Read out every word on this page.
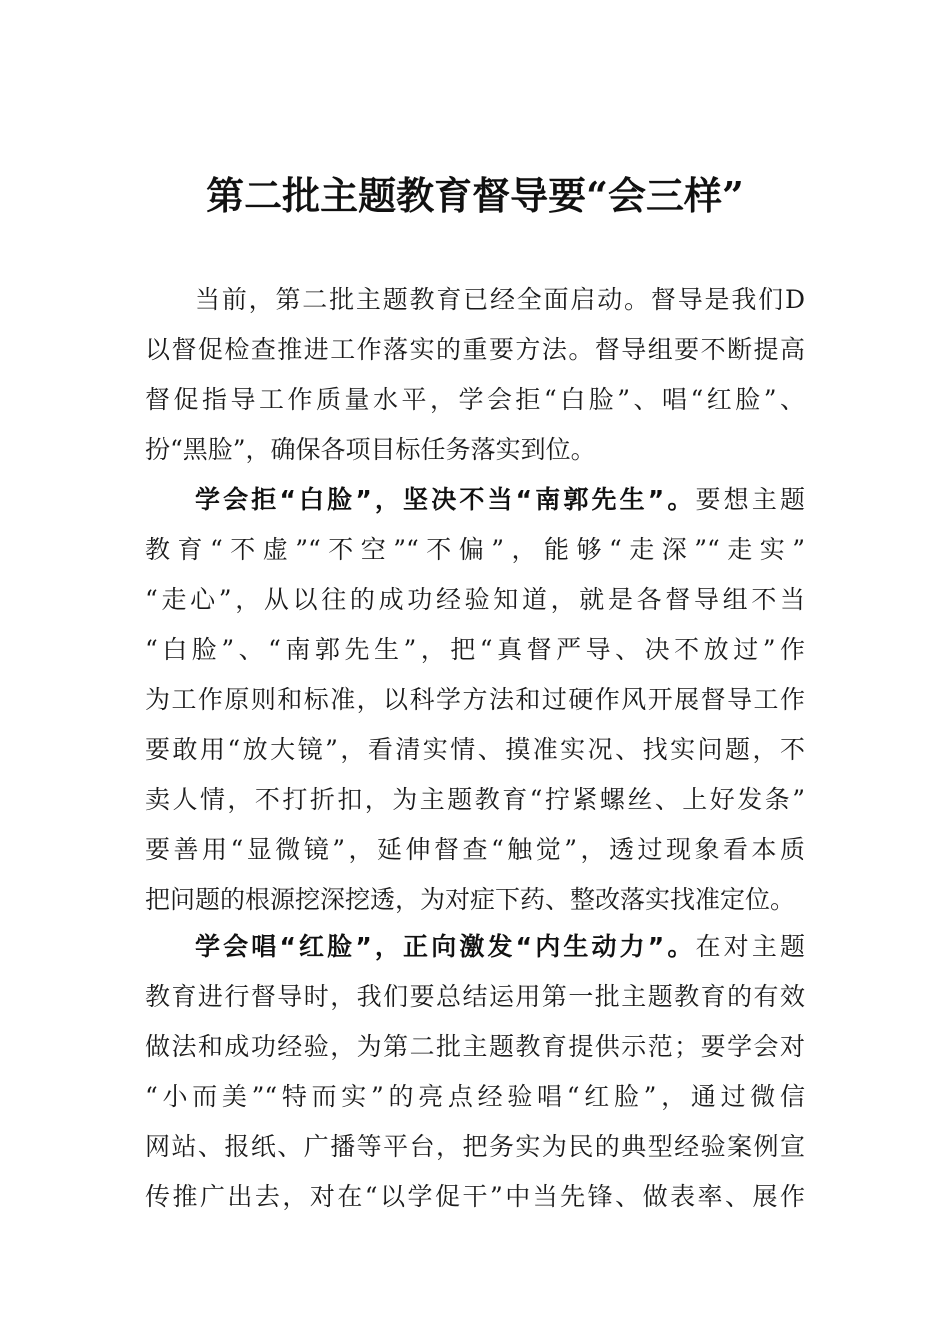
第二批主题教育督导要“会三样”
当前，第二批主题教育已经全面启动。督导是我们D
以督促检查推进工作落实的重要方法。督导组要不断提高
督促指导工作质量水平，学会拒“白脸”、唱“红脸”、
扮“黑脸”，确保各项目标任务落实到位。
学会拒“白脸”，坚决不当“南郭先生”。要想主题
教育“不虚”“不空”“不偏”，能够“走深”“走实”
“走心”，从以往的成功经验知道，就是各督导组不当
“白脸”、“南郭先生”，把“真督严导、决不放过”作
为工作原则和标准，以科学方法和过硬作风开展督导工作
要敢用“放大镜”，看清实情、摸准实况、找实问题，不
卖人情，不打折扣，为主题教育“拧紧螺丝、上好发条”
要善用“显微镜”，延伸督查“触觉”，透过现象看本质
把问题的根源挖深挖透，为对症下药、整改落实找准定位。
学会唱“红脸”，正向激发“内生动力”。在对主题
教育进行督导时，我们要总结运用第一批主题教育的有效
做法和成功经验，为第二批主题教育提供示范；要学会对
“小而美”“特而实”的亮点经验唱“红脸”，通过微信
网站、报纸、广播等平台，把务实为民的典型经验案例宣
传推广出去，对在“以学促干”中当先锋、做表率、展作
